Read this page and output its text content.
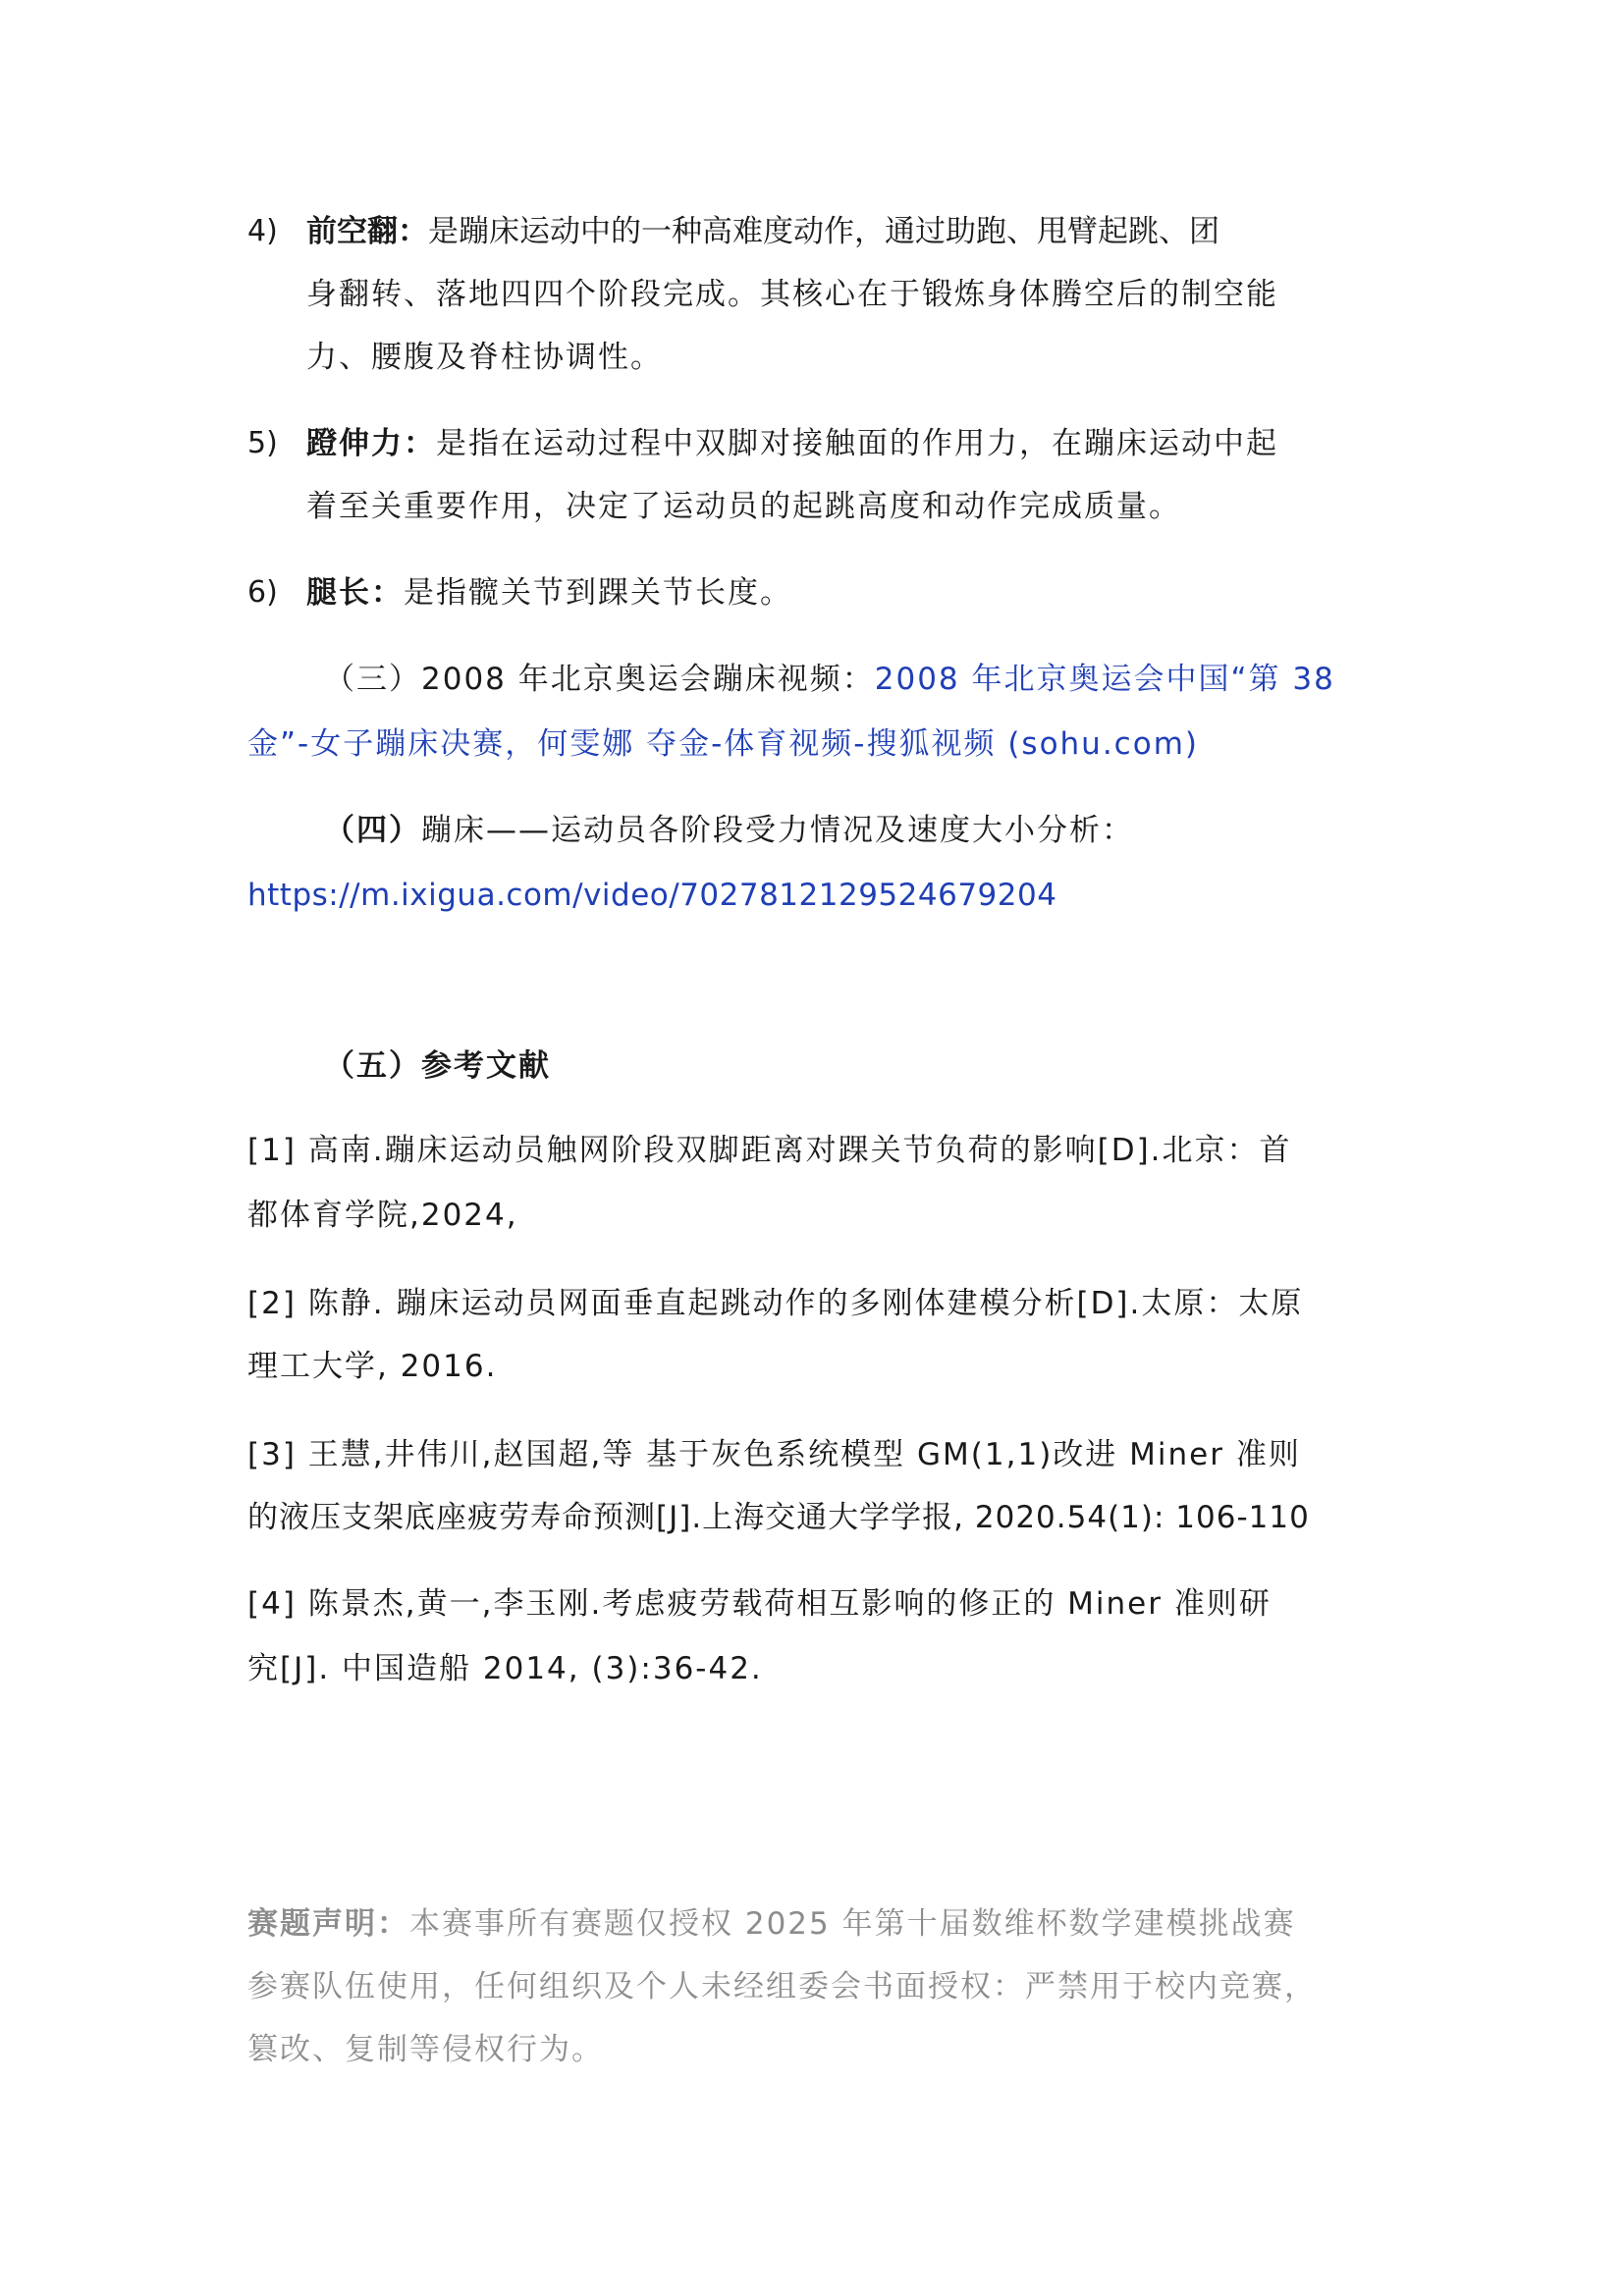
4) 前空翻：是蹦床运动中的一种高难度动作，通过助跑、甩臂起跳、团
身翻转、落地四四个阶段完成。其核心在于锻炼身体腾空后的制空能
力、腰腹及脊柱协调性。
5) 蹬伸力：是指在运动过程中双脚对接触面的作用力，在蹦床运动中起
着至关重要作用，决定了运动员的起跳高度和动作完成质量。
6) 腿长：是指髋关节到踝关节长度。
（三）2008 年北京奥运会蹦床视频：2008 年北京奥运会中国“第 38
金”-女子蹦床决赛，何雯娜 夺金-体育视频-搜狐视频 (sohu.com)
（四）蹦床——运动员各阶段受力情况及速度大小分析：
https://m.ixigua.com/video/7027812129524679204
（五）参考文献
[1] 高南.蹦床运动员触网阶段双脚距离对踝关节负荷的影响[D].北京：首
都体育学院,2024,
[2] 陈静. 蹦床运动员网面垂直起跳动作的多刚体建模分析[D].太原：太原
理工大学, 2016.
[3] 王慧,井伟川,赵国超,等 基于灰色系统模型 GM(1,1)改进 Miner 准则
的液压支架底座疲劳寿命预测[J].上海交通大学学报, 2020.54(1): 106-110
[4] 陈景杰,黄一,李玉刚.考虑疲劳载荷相互影响的修正的 Miner 准则研
究[J]. 中国造船 2014, (3):36-42.
赛题声明：本赛事所有赛题仅授权 2025 年第十届数维杯数学建模挑战赛
参赛队伍使用，任何组织及个人未经组委会书面授权：严禁用于校内竞赛，
篡改、复制等侵权行为。
